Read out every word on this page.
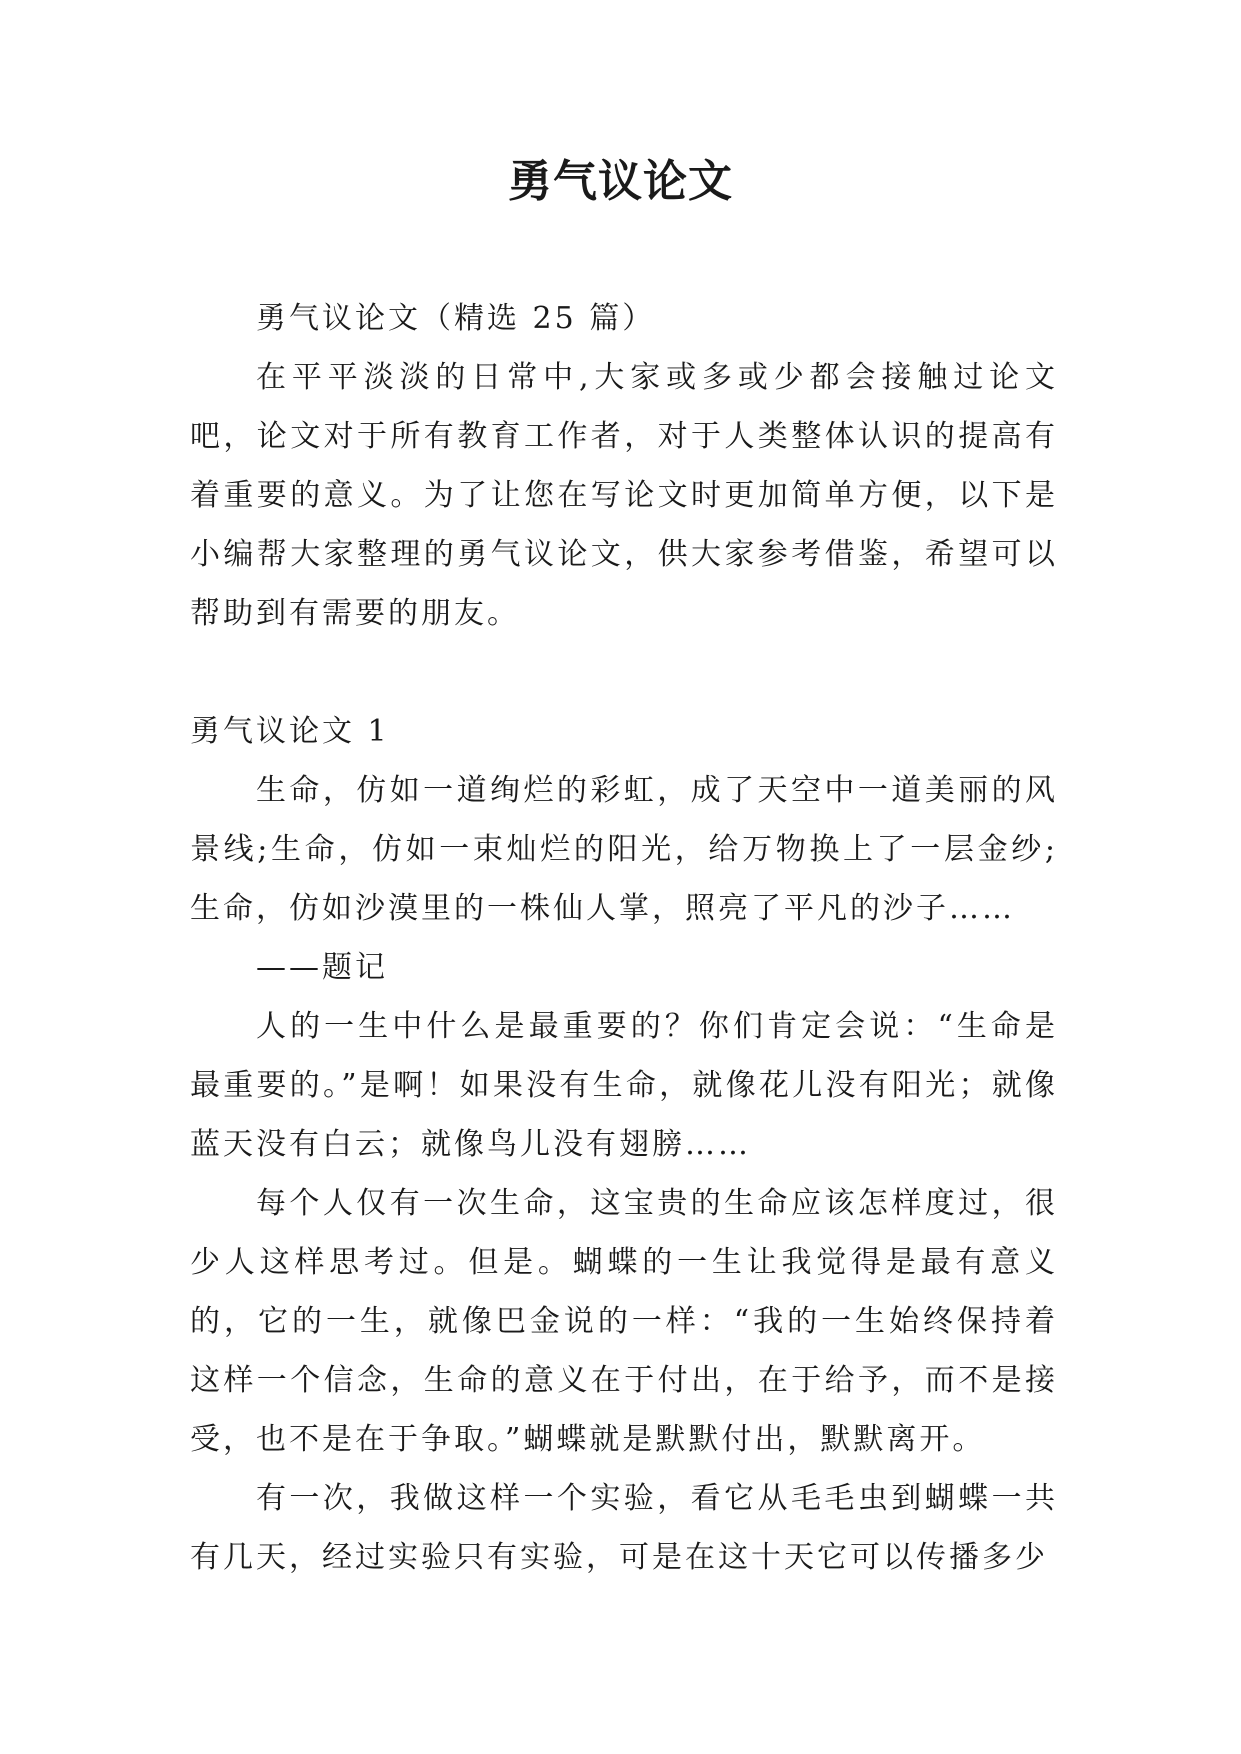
勇气议论文

勇气议论文（精选 25 篇）

在平平淡淡的日常中,大家或多或少都会接触过论文吧，论文对于所有教育工作者，对于人类整体认识的提高有着重要的意义。为了让您在写论文时更加简单方便，以下是小编帮大家整理的勇气议论文，供大家参考借鉴，希望可以帮助到有需要的朋友。

勇气议论文 1

生命，仿如一道绚烂的彩虹，成了天空中一道美丽的风景线;生命，仿如一束灿烂的阳光，给万物换上了一层金纱;生命，仿如沙漠里的一株仙人掌，照亮了平凡的沙子……

——题记

人的一生中什么是最重要的？你们肯定会说：“生命是最重要的。”是啊！如果没有生命，就像花儿没有阳光；就像蓝天没有白云；就像鸟儿没有翅膀……

每个人仅有一次生命，这宝贵的生命应该怎样度过，很少人这样思考过。但是。蝴蝶的一生让我觉得是最有意义的，它的一生，就像巴金说的一样：“我的一生始终保持着这样一个信念，生命的意义在于付出，在于给予，而不是接受，也不是在于争取。”蝴蝶就是默默付出，默默离开。

有一次，我做这样一个实验，看它从毛毛虫到蝴蝶一共有几天，经过实验只有实验，可是在这十天它可以传播多少
